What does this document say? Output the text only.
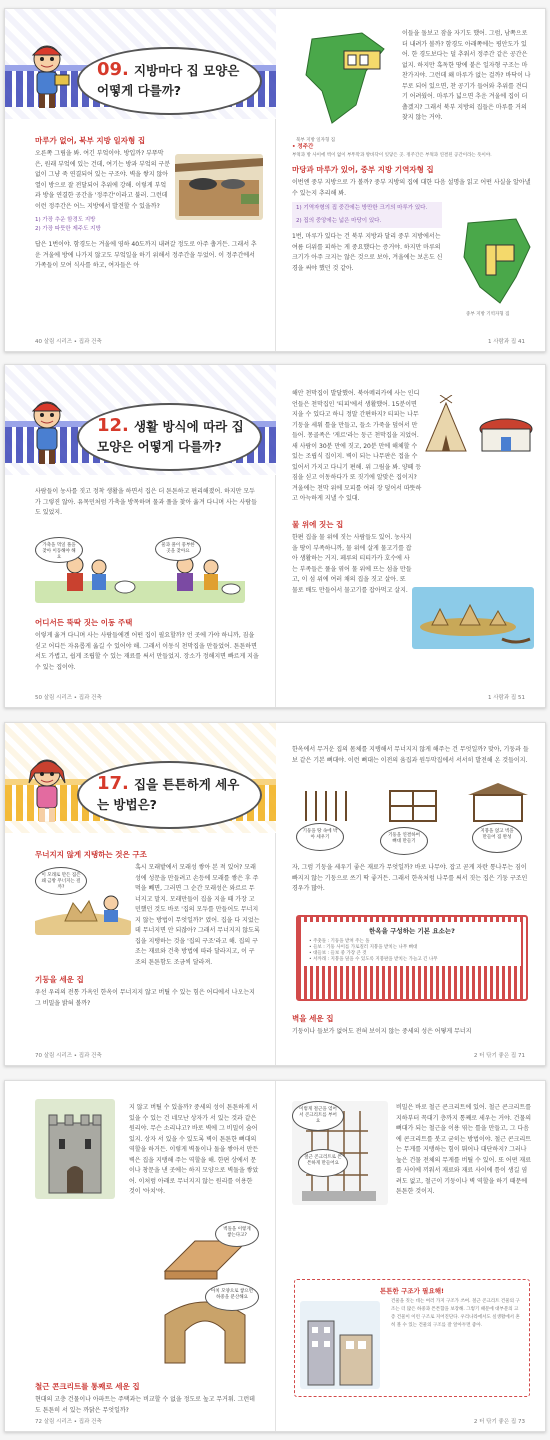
09. 지방마다 집 모양은 어떻게 다를까?
마루가 없어, 북부 지방 일자형 집
오른쪽 그림을 봐. 여긴 부엌이야. 방입까? 부뚜막은, 원래 부엌에 있는 건데, 여기는 방과 부엌의 구분 없이 그냥 죽 연결되어 있는 구조야. 벽을 쌓지 않아 열이 방으로 잘 전달되어 추위에 강해. 이렇게 부엌과 방을 연결한 공간을 '정주간'이라고 불러. 그런데 이런 정주간은 어느 지방에서 발견할 수 있을까?
1) 가장 추운 함경도 지방
2) 가장 따뜻한 제주도 지방
답은 1번이야. 함경도는 겨울에 영하 40도까지 내려갈 정도로 아주 춥거든. 그래서 추운 겨울에 방에 나가지 않고도 부엌일을 하기 위해서 정주간을 두었어. 이 정주간에서 가족들이 모여 식사를 하고, 여자들은 아
40 살림 시리즈 • 집과 건축
이들을 돌보고 잠을 자기도 했어. 그럼, 남쪽으로 더 내려가 볼까? 함경도 아래쪽에는 평안도가 있어. 한 경도보다는 덜 추워서 정주간 같은 공간은 없지. 하지만 혹독한 땅에 붙은 일자형 구조는 마찬가지야. 그런데 왜 마루가 없는 걸까? 바닥이 나무로 되어 있으면, 찬 공기가 들어와 추위를 견디기 어려웠어. 마루가 넓으면 추운 겨울에 집이 더 춥겠지? 그래서 북부 지방의 집들은 마루를 거의 찾지 않는 거야.
• 정주간
부엌과 방 사이에 벽이 없이 부뚜막과 방바닥이 잇닿은 곳. 정주간은 부엌과 연결된 공간이라는 뜻이야.
마당과 마루가 있어, 중부 지방 기역자형 집
이번엔 중부 지방으로 가 볼까? 중부 지방의 집에 대한 다음 설명을 읽고 어떤 사실을 알아낼 수 있는지 추리해 봐.
1) 기역자형의 집 중간에는 방만한 크기의 마루가 있다.
2) 집의 중앙에는 넓은 마당이 있다.
1번, 마루가 있다는 건 북부 지방과 달리 중부 지방에서는 여름 더위를 피하는 게 중요했다는 증거야. 하지만 마루의 크기가 아주 크지는 않은 것으로 보아, 겨울에는 보온도 신경을 써야 했던 것 같아.
북부 지방 일자형 집
중부 지방 기역자형 집
1 사람과 집 41
12. 생활 방식에 따라 집 모양은 어떻게 다를까?
사람들이 농사를 짓고 정착 생활을 하면서 집은 더 튼튼하고 편리해졌어. 하지만 모두가 그렇진 않아. 유목민처럼 가축을 방목하며 물과 풀을 찾아 옮겨 다니며 사는 사람들도 있었지.
가축을 먹일 풀을 찾아 이동해야 해요
물과 풀이 풍부한 곳을 찾아요
어디서든 뚝딱 짓는 이동 주택
이렇게 옮겨 다니며 사는 사람들에겐 어떤 집이 필요할까? 언 곳에 가야 하니까, 짐을 싣고 어디든 자유롭게 옮길 수 있어야 해. 그래서 이동식 천막집을 만들었어. 튼튼하면서도 가볍고, 쉽게 조립할 수 있는 재료를 써서 만들었지. 장소가 정해지면 빠르게 지을 수 있는 집이야.
50 살림 시리즈 • 집과 건축
해안 천막집이 발달했어. 북아메리카에 사는 인디언들은 천막집인 '티피'에서 생활했어. 15분이면 지을 수 있다고 하니 정말 간편하지? 티피는 나무기둥을 세워 틀을 만들고, 들소 가죽을 덮어서 만들어. 몽골족은 '게르'라는 둥근 천막집을 지었어. 새 사람이 30분 만에 짓고, 20분 만에 해체할 수 있는 조립식 집이지. 벽이 되는 나무판은 접을 수 있어서 가지고 다니기 편해. 위 그림을 봐. 양떼 등 짐을 싣고 이동하다가 또 짓기에 알맞은 집이지? 겨울에는 천막 위에 모피를 여러 장 덮어서 따뜻하고 아늑하게 지낼 수 있대.
물 위에 짓는 집
한편 집을 물 위에 짓는 사람들도 있어. 농사지을 땅이 부족하니까, 물 위에 살게 물고기를 잡아 생활하는 거지. 페루의 티티카카 호수에 사는 부족들은 풀을 엮어 물 위에 뜨는 섬을 만들고, 이 섬 위에 여러 채의 집을 짓고 살아. 또 물로 배도 만들어서 물고기를 잡아먹고 살지.
1 사람과 집 51
17. 집을 튼튼하게 세우는 방법은?
무너지지 않게 지탱하는 것은 구조
혹시 모래밭에서 모래성 쌓아 본 적 있어? 모래성에 성문을 만들려고 손등에 모래를 쌓은 후 주먹을 빼면, 그러면 그 순간 모래성은 와르르 무너지고 말지. 모래만들이 집을 지을 때 가장 고민했던 것도 바로 '집의 모두를 만들어도 무너지지 않는 방법이 무엇일까?' 였어. 집을 다 지었는데 무너지면 안 되잖아? 그래서 무너지지 않도록 집을 지탱하는 것을 '집의 구조'라고 해. 집의 구조는 재료와 건축 방법에 따라 달라지고, 이 구조의 튼튼함도 조금씩 달라져.
기둥을 세운 집
우선 우리의 전통 가옥인 한옥이 무너지지 않고 버틸 수 있는 힘은 어디에서 나오는지 그 비밀을 밝혀 볼까?
이 모래로 만든 집은 왜 금방 무너지는 걸까?
70 살림 시리즈 • 집과 건축
한옥에서 무거운 집의 몸체를 지탱해서 무너지지 않게 해주는 건 무엇일까? 맞아, 기둥과 들보 같은 기본 뼈대야. 이런 뼈대는 이전의 움집과 원두막집에서 서서히 발전해 온 것들이지.
기둥을 땅 속에 박아 세우기	기둥을 연결하여 뼈대 만들기
지붕을 얹고 벽을 만들어 집 완성
자, 그럼 기둥을 세우기 좋은 재료가 무엇일까? 바로 나무야. 잡고 곧게 자란 통나무는 짐이 빠지지 않는 기둥으로 쓰기 딱 좋거든. 그래서 한옥처럼 나무를 써서 짓는 집은 기둥 구조인 경우가 많아.
한옥을 구성하는 기본 요소는?
• 주춧돌 : 기둥을 받쳐 주는 돌
• 들보 : 기둥 사이를 가로질러 지붕을 받치는 나무 뼈대
• 대들보 : 들보 중 가장 큰 것
• 서까래 : 지붕을 덮을 수 있도록 지붕판을 받치는 가늘고 긴 나무
벽을 세운 집
기둥이나 들보가 없어도 전혀 보이지 않는 중세의 성은 어떻게 무너지
2 터 닦기 좋은 집 71
지 않고 버틸 수 있을까? 중세의 성이 튼튼하게 서 있을 수 있는 건 네모난 상자가 서 있는 것과 같은 원리야. 무슨 소리냐고? 바로 벽에 그 비밀이 숨어 있지. 상자 서 있을 수 있도록 벽이 튼튼한 뼈대의 역할을 하거든. 이렇게 벽돌이나 돌을 쌓아서 만든 벽은 집을 지탱해 주는 역할을 해. 한편 상에서 문이나 창문을 낸 곳에는 하지 모양으로 벽돌을 쌓았어. 이처럼 아래로 무너지지 않는 원리를 이용한 것이 '아치'야.
벽돌을 이렇게 쌓는다고?
아치 모양으로 쌓으면 하중을 분산해요
철근 콘크리트를 통째로 세운 집
현대의 고층 건물이나 아파트는 주택과는 비교할 수 없을 정도로 높고 무거워. 그런데도 튼튼히 서 있는 까닭은 무엇일까?
72 살림 시리즈 • 집과 건축
이렇게 철근을 엮어서 콘크리트를 부어요
철근 콘크리트로 튼튼하게 만들어요
비밀은 바로 철근 콘크리트에 있어. 철근 콘크리트를 지하부터 꼭대기 층까지 통째로 세우는 거야. 건물의 뼈대가 되는 철근을 이용 엮는 틀을 만들고, 그 다음에 콘크리트를 붓고 굳히는 방법이야. 철근 콘크리트는 무게를 지탱하는 힘이 뛰어나 대단하지? 그러나 높은 건물 전체의 무게를 버틸 수 있어. 또 어떤 재료를 사이에 끼워서 재료와 재료 사이에 틈이 생길 염려도 없고, 철근이 기둥이나 벽 역할을 하기 때문에 튼튼한 것이지.
튼튼한 구조가 필요해!
건물을 짓는 데는 여러 가지 구조가 쓰여. 철근 콘크리트 건물의 구조는 더 많은 하중과 튼튼함을 보장해. 그렇기 때문에 대부분의 고층 건물이 이런 구조로 지어진단다. 우리나라에서도 실생활에서 흔히 볼 수 있는 건물의 구조를 잘 알아두면 좋아.
2 터 닦기 좋은 집 73
